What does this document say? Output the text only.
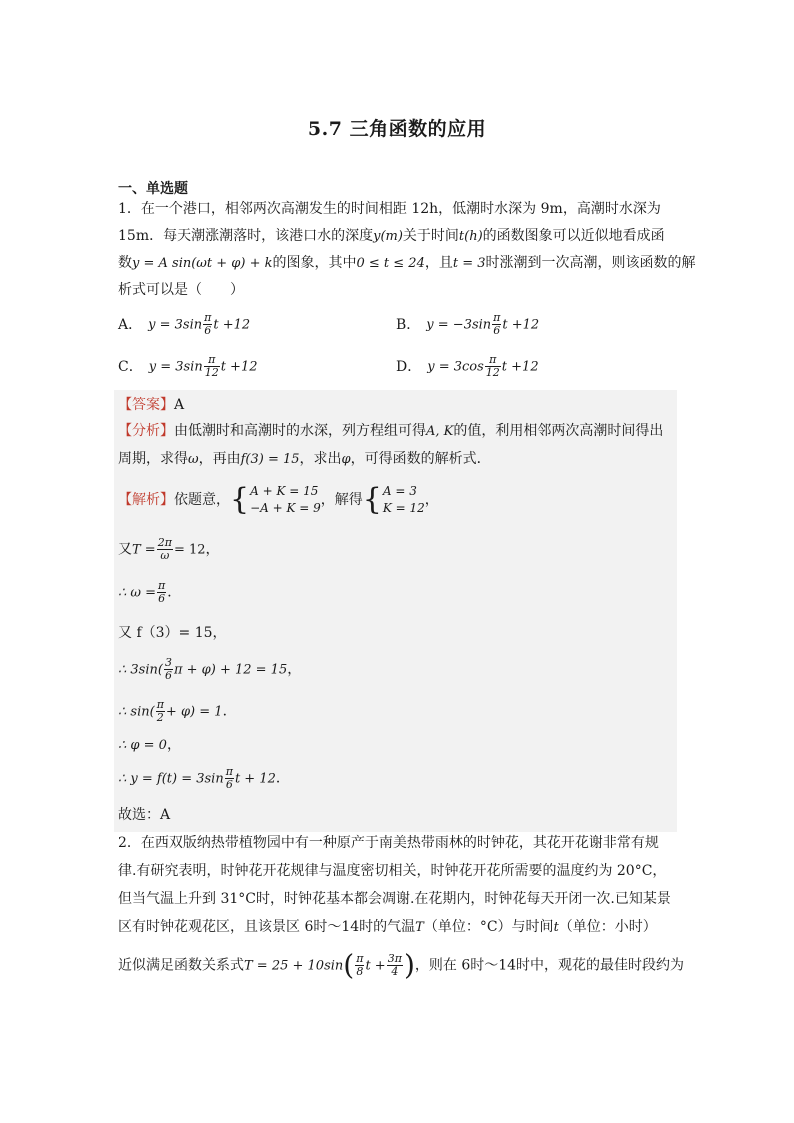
5.7 三角函数的应用
一、单选题
1．在一个港口，相邻两次高潮发生的时间相距 12h，低潮时水深为 9m，高潮时水深为
15m．每天潮涨潮落时，该港口水的深度y(m)关于时间t(h)的函数图象可以近似地看成函
数y = A sin(ωt + φ) + k的图象，其中0 ≤ t ≤ 24，且t = 3时涨潮到一次高潮，则该函数的解
析式可以是（　　）
A． $y = 3\sin \frac{\pi}{6}$ t +12	B． $y = -3\sin \frac{\pi}{6}$ t +12
C． $y = 3\sin \frac{\pi}{12}$ t +12	D． $y = 3\cos \frac{\pi}{12}$ t +12
【答案】A
【分析】由低潮时和高潮时的水深，列方程组可得A, K的值，利用相邻两次高潮时间得出
周期，求得ω，再由f(3) = 15，求出φ，可得函数的解析式．
【解析】依题意，{ A + K = 15
−A + K = 9 ，解得{ A = 3
K = 12 ，
又$T = \frac{2\pi}{\omega} = 12$，
∴ $\omega = \frac{\pi}{6}$ ．
又 f（3）= 15，
∴ $3\sin( \frac{3}{6}$ π + φ) + 12 = 15，
∴ $\sin( \frac{\pi}{2} + \varphi) = 1$．
∴ φ = 0，
∴ $y = f(t) = 3\sin \frac{\pi}{6}$ t + 12．
故选：A
2．在西双版纳热带植物园中有一种原产于南美热带雨林的时钟花，其花开花谢非常有规
律.有研究表明，时钟花开花规律与温度密切相关，时钟花开花所需要的温度约为 20°C，
但当气温上升到 31°C时，时钟花基本都会凋谢.在花期内，时钟花每天开闭一次.已知某景
区有时钟花观花区，且该景区 6时～14时的气温T（单位：°C）与时间t（单位：小时）
近似满足函数关系式$T = 25 + 10\sin( \frac{\pi}{8}$ $t + \frac{3\pi}{4}$ )，则在 6时～14时中，观花的最佳时段约为
